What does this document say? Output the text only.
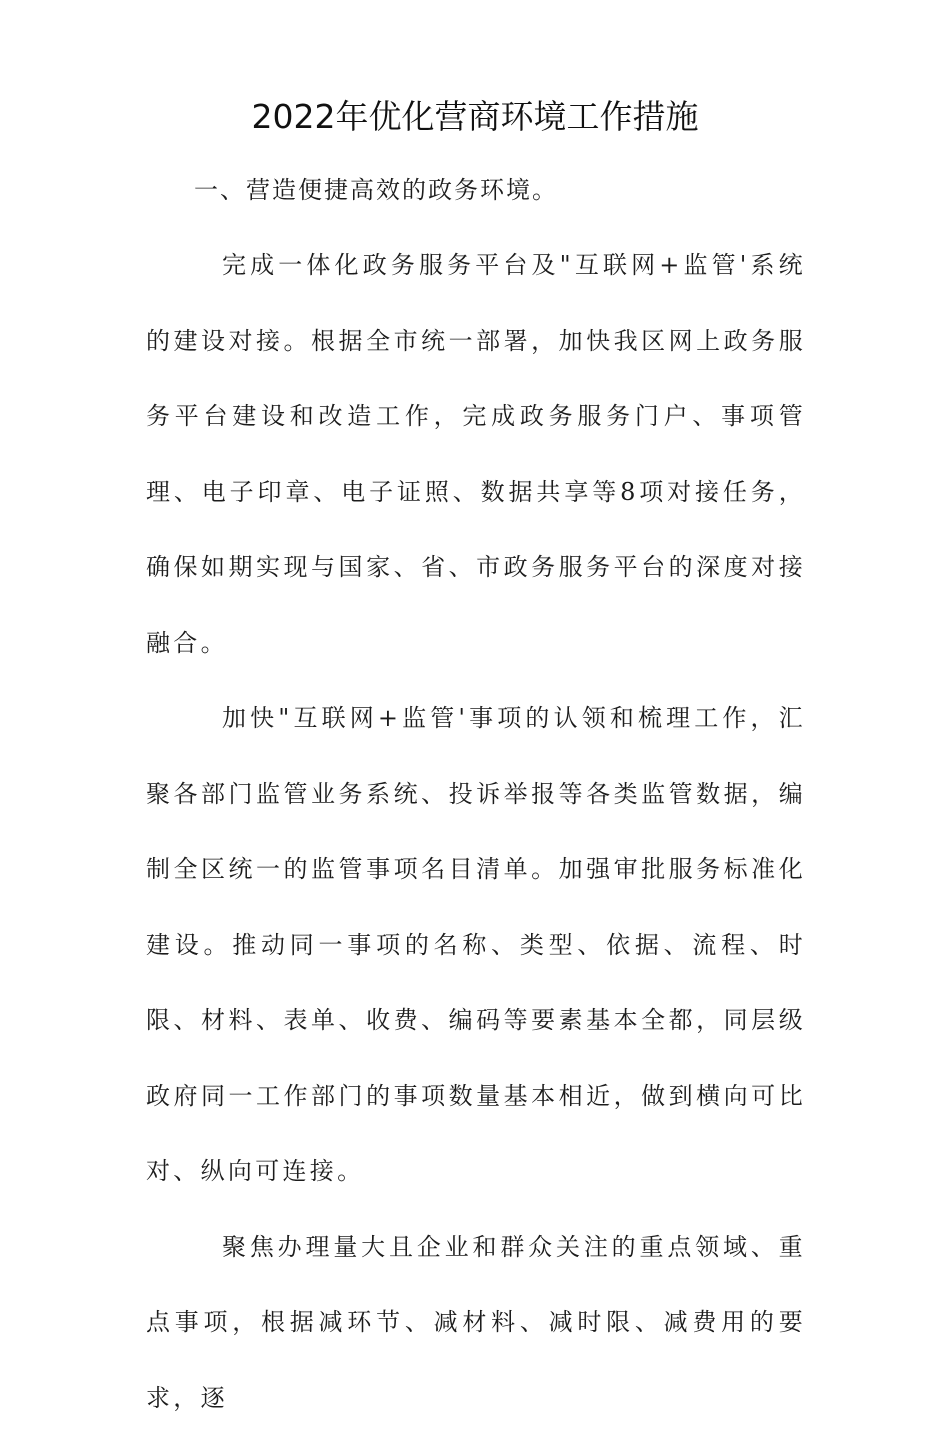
2022年优化营商环境工作措施

一、营造便捷高效的政务环境。

完成一体化政务服务平台及"互联网+监管'系统的建设对接。根据全市统一部署，加快我区网上政务服务平台建设和改造工作，完成政务服务门户、事项管理、电子印章、电子证照、数据共享等8项对接任务，确保如期实现与国家、省、市政务服务平台的深度对接融合。

加快"互联网+监管'事项的认领和梳理工作，汇聚各部门监管业务系统、投诉举报等各类监管数据，编制全区统一的监管事项名目清单。加强审批服务标准化建设。推动同一事项的名称、类型、依据、流程、时限、材料、表单、收费、编码等要素基本全都，同层级政府同一工作部门的事项数量基本相近，做到横向可比对、纵向可连接。

聚焦办理量大且企业和群众关注的重点领域、重点事项，根据减环节、减材料、减时限、减费用的要求，逐
